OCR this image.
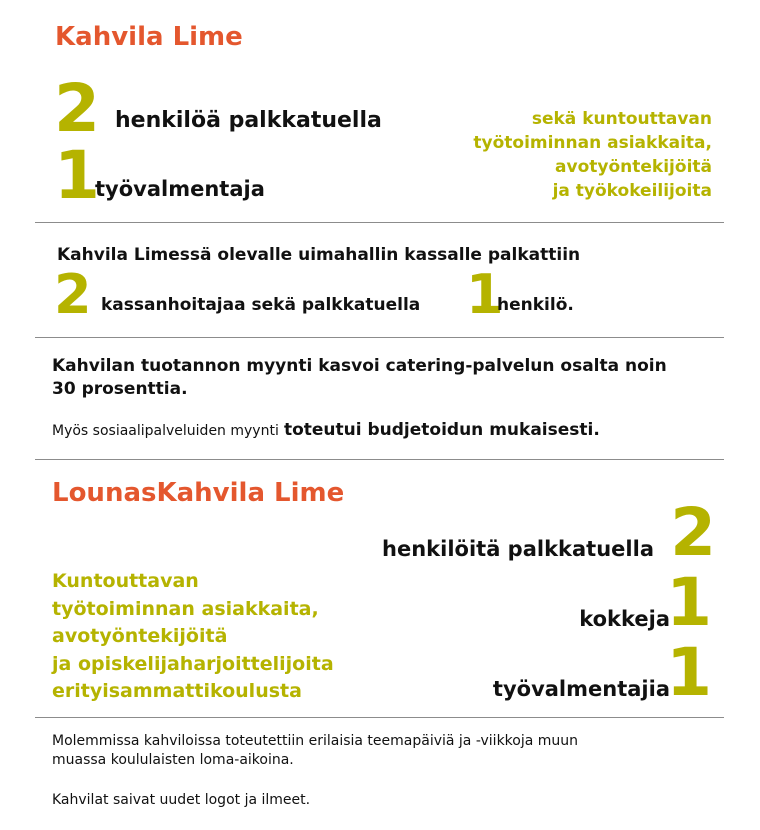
Kahvila Lime
2 henkilöä palkkatuella
1
työvalmentaja
sekä kuntouttavan
työtoiminnan asiakkaita,
avotyöntekijöitä
ja työkokeilijoita
Kahvila Limessä olevalle uimahallin kassalle palkattiin
2 kassanhoitajaa sekä palkkatuella 1
henkilö.
Kahvilan tuotannon myynti kasvoi catering-palvelun osalta noin
30 prosenttia.
Myös sosiaalipalveluiden myynti toteutui budjetoidun mukaisesti.
LounasKahvila Lime
Kuntouttavan
työtoiminnan asiakkaita,
avotyöntekijöitä
ja opiskelijaharjoittelijoita
erityisammattikoulusta
henkilöitä palkkatuella 2
kokkeja
1
työvalmentajia
1
Molemmissa kahviloissa toteutettiin erilaisia teemapäiviä ja -viikkoja muun
muassa koululaisten loma-aikoina.
Kahvilat saivat uudet logot ja ilmeet.
